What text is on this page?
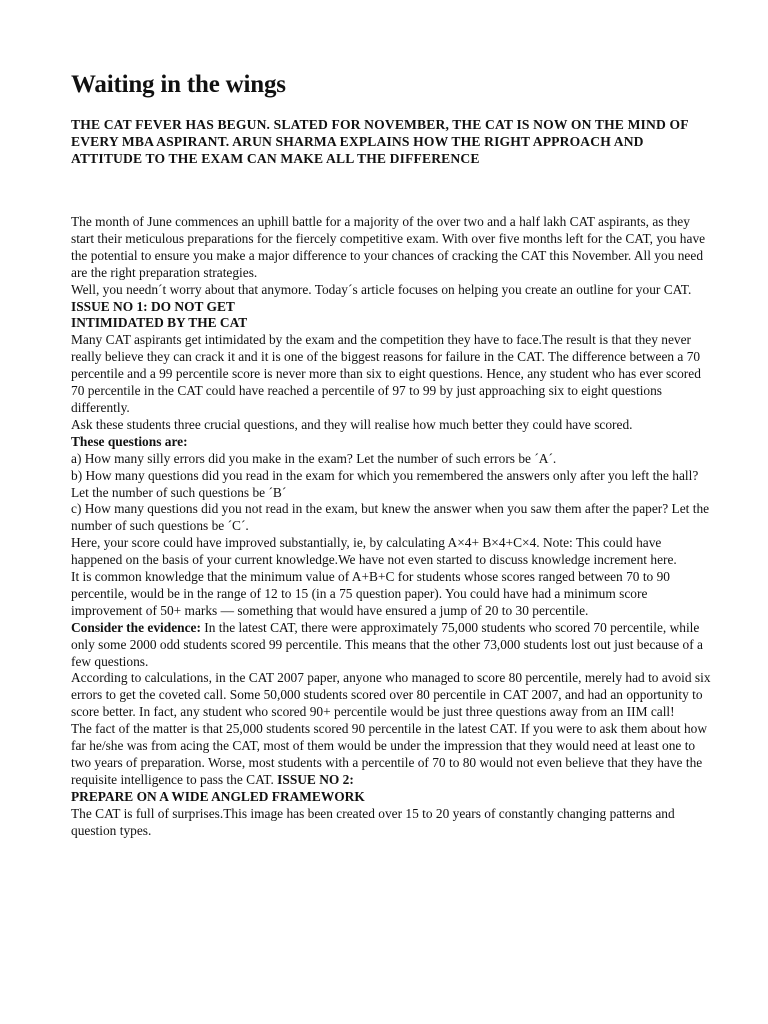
Waiting in the wings
THE CAT FEVER HAS BEGUN. SLATED FOR NOVEMBER, THE CAT IS NOW ON THE MIND OF EVERY MBA ASPIRANT. ARUN SHARMA EXPLAINS HOW THE RIGHT APPROACH AND ATTITUDE TO THE EXAM CAN MAKE ALL THE DIFFERENCE

The month of June commences an uphill battle for a majority of the over two and a half lakh CAT aspirants, as they start their meticulous preparations for the fiercely competitive exam. With over five months left for the CAT, you have the potential to ensure you make a major difference to your chances of cracking the CAT this November. All you need are the right preparation strategies.

Well, you needn´t worry about that anymore. Today´s article focuses on helping you create an outline for your CAT.

ISSUE NO 1: DO NOT GET

INTIMIDATED BY THE CAT

Many CAT aspirants get intimidated by the exam and the competition they have to face.The result is that they never really believe they can crack it and it is one of the biggest reasons for failure in the CAT. The difference between a 70 percentile and a 99 percentile score is never more than six to eight questions. Hence, any student who has ever scored 70 percentile in the CAT could have reached a percentile of 97 to 99 by just approaching six to eight questions differently.

Ask these students three crucial questions, and they will realise how much better they could have scored.

These questions are:

a) How many silly errors did you make in the exam? Let the number of such errors be ´A´.

b) How many questions did you read in the exam for which you remembered the answers only after you left the hall? Let the number of such questions be ´B´

c) How many questions did you not read in the exam, but knew the answer when you saw them after the paper? Let the number of such questions be ´C´.

Here, your score could have improved substantially, ie, by calculating A×4+ B×4+C×4. Note: This could have happened on the basis of your current knowledge.We have not even started to discuss knowledge increment here.

It is common knowledge that the minimum value of A+B+C for students whose scores ranged between 70 to 90 percentile, would be in the range of 12 to 15 (in a 75 question paper). You could have had a minimum score improvement of 50+ marks — something that would have ensured a jump of 20 to 30 percentile.

Consider the evidence: In the latest CAT, there were approximately 75,000 students who scored 70 percentile, while only some 2000 odd students scored 99 percentile. This means that the other 73,000 students lost out just because of a few questions.

According to calculations, in the CAT 2007 paper, anyone who managed to score 80 percentile, merely had to avoid six errors to get the coveted call. Some 50,000 students scored over 80 percentile in CAT 2007, and had an opportunity to score better. In fact, any student who scored 90+ percentile would be just three questions away from an IIM call!

The fact of the matter is that 25,000 students scored 90 percentile in the latest CAT. If you were to ask them about how far he/she was from acing the CAT, most of them would be under the impression that they would need at least one to two years of preparation. Worse, most students with a percentile of 70 to 80 would not even believe that they have the requisite intelligence to pass the CAT. ISSUE NO 2:

PREPARE ON A WIDE ANGLED FRAMEWORK

The CAT is full of surprises.This image has been created over 15 to 20 years of constantly changing patterns and question types.
